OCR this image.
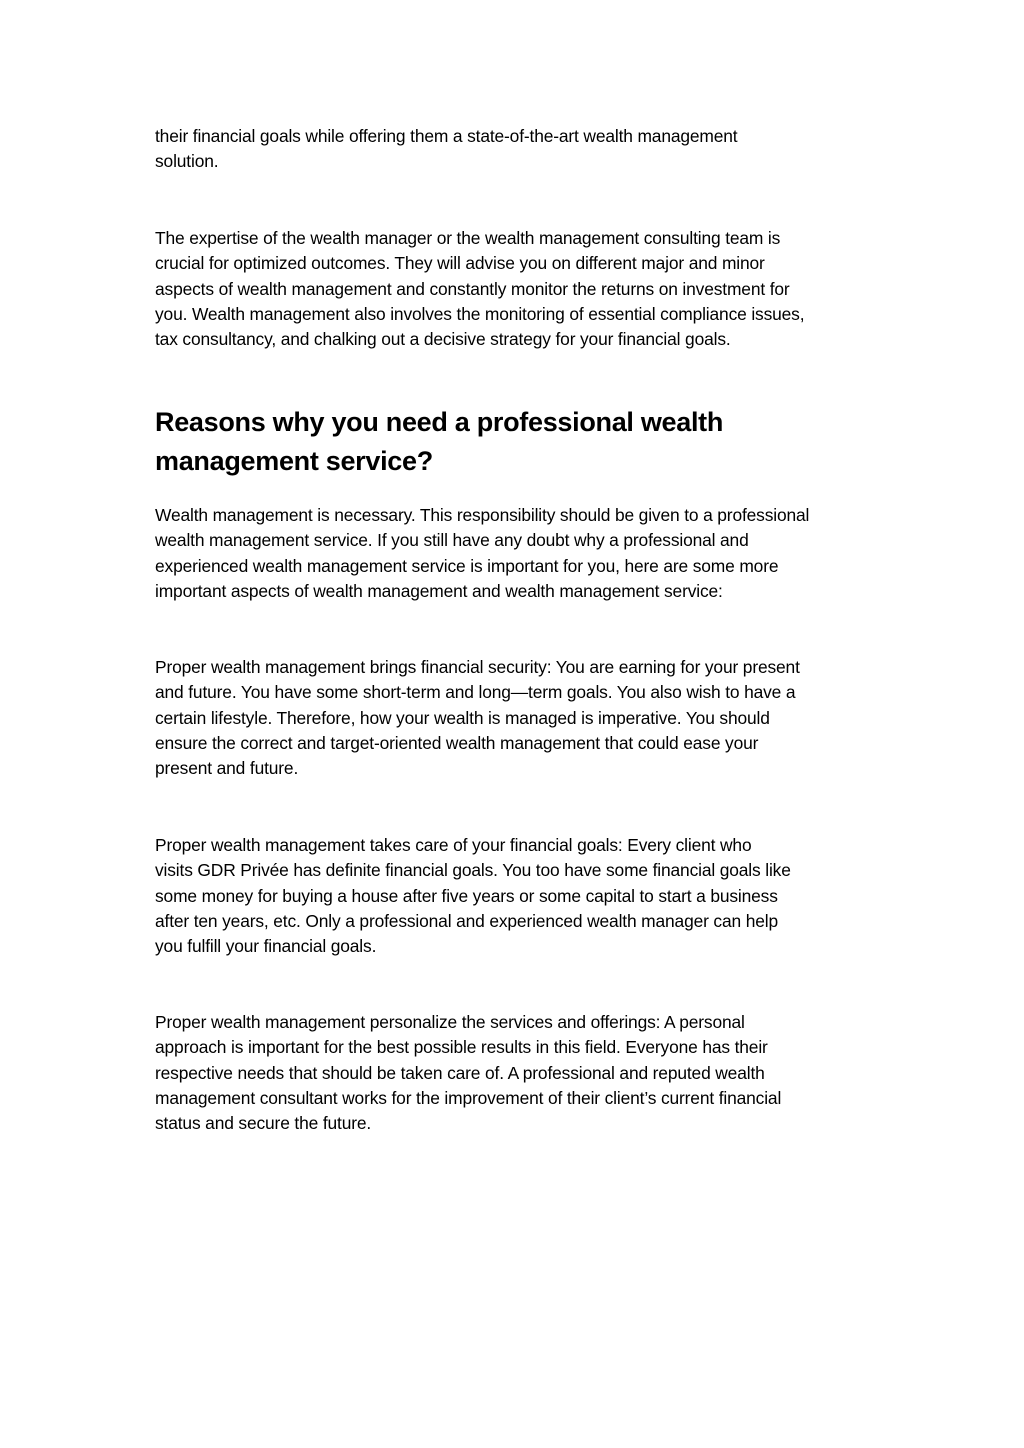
their financial goals while offering them a state-of-the-art wealth management
solution.

The expertise of the wealth manager or the wealth management consulting team is
crucial for optimized outcomes. They will advise you on different major and minor
aspects of wealth management and constantly monitor the returns on investment for
you. Wealth management also involves the monitoring of essential compliance issues,
tax consultancy, and chalking out a decisive strategy for your financial goals.

Reasons why you need a professional wealth
management service?

Wealth management is necessary. This responsibility should be given to a professional
wealth management service. If you still have any doubt why a professional and
experienced wealth management service is important for you, here are some more
important aspects of wealth management and wealth management service:

Proper wealth management brings financial security: You are earning for your present
and future. You have some short-term and long—term goals. You also wish to have a
certain lifestyle. Therefore, how your wealth is managed is imperative. You should
ensure the correct and target-oriented wealth management that could ease your
present and future.

Proper wealth management takes care of your financial goals: Every client who
visits GDR Privée has definite financial goals. You too have some financial goals like
some money for buying a house after five years or some capital to start a business
after ten years, etc. Only a professional and experienced wealth manager can help
you fulfill your financial goals.

Proper wealth management personalize the services and offerings: A personal
approach is important for the best possible results in this field. Everyone has their
respective needs that should be taken care of. A professional and reputed wealth
management consultant works for the improvement of their client’s current financial
status and secure the future.
